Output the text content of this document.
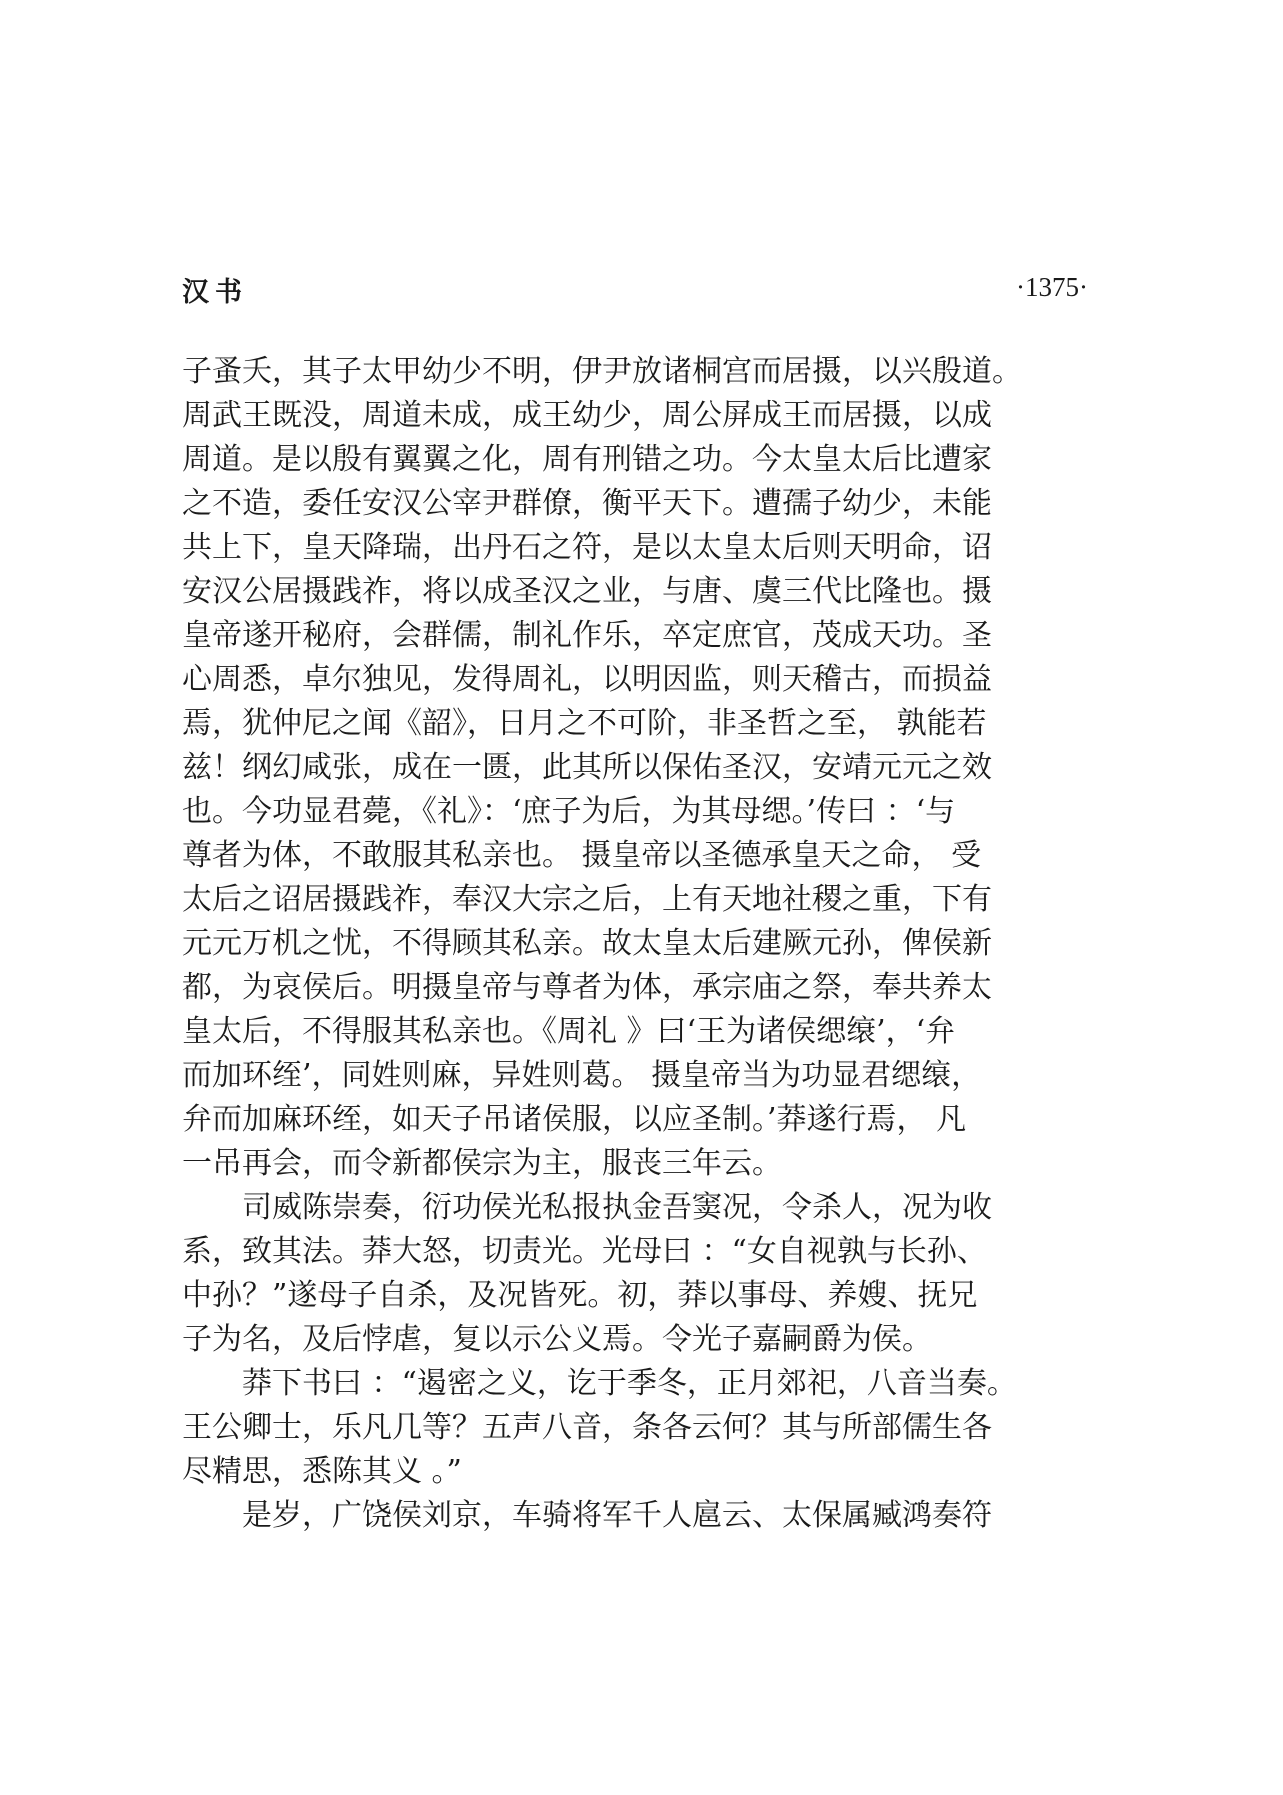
汉书	·1375·
子蚤夭，其子太甲幼少不明，伊尹放诸桐宫而居摄，以兴殷道。
周武王既没，周道未成，成王幼少，周公屏成王而居摄，以成
周道。是以殷有翼翼之化，周有刑错之功。今太皇太后比遭家
之不造，委任安汉公宰尹群僚，衡平天下。遭孺子幼少，未能
共上下，皇天降瑞，出丹石之符，是以太皇太后则天明命，诏
安汉公居摄践祚，将以成圣汉之业，与唐、虞三代比隆也。摄
皇帝遂开秘府，会群儒，制礼作乐，卒定庶官，茂成天功。圣
心周悉，卓尔独见，发得周礼，以明因监，则天稽古，而损益
焉，犹仲尼之闻《韶》，日月之不可阶，非圣哲之至， 孰能若
兹！纲幻咸张，成在一匮，此其所以保佑圣汉，安靖元元之效
也。今功显君薨，《礼》：‘庶子为后，为其母缌。’传曰 ：‘与
尊者为体，不敢服其私亲也。 摄皇帝以圣德承皇天之命， 受
太后之诏居摄践祚，奉汉大宗之后，上有天地社稷之重，下有
元元万机之忧，不得顾其私亲。故太皇太后建厥元孙，俾侯新
都，为哀侯后。明摄皇帝与尊者为体，承宗庙之祭，奉共养太
皇太后，不得服其私亲也。《周礼 》曰‘王为诸侯缌缞’，‘弁
而加环绖’，同姓则麻，异姓则葛。 摄皇帝当为功显君缌缞，
弁而加麻环绖，如天子吊诸侯服，以应圣制。’莽遂行焉， 凡
一吊再会，而令新都侯宗为主，服丧三年云。
司威陈崇奏，衍功侯光私报执金吾窦况，令杀人，况为收
系，致其法。莽大怒，切责光。光母曰 ：“女自视孰与长孙、
中孙？”遂母子自杀，及况皆死。初，莽以事母、养嫂、抚兄
子为名，及后悖虐，复以示公义焉。令光子嘉嗣爵为侯。
莽下书曰 ：“遏密之义，讫于季冬，正月郊祀，八音当奏。
王公卿士，乐凡几等？五声八音，条各云何？其与所部儒生各
尽精思，悉陈其义 。”
是岁，广饶侯刘京，车骑将军千人扈云、太保属臧鸿奏符
